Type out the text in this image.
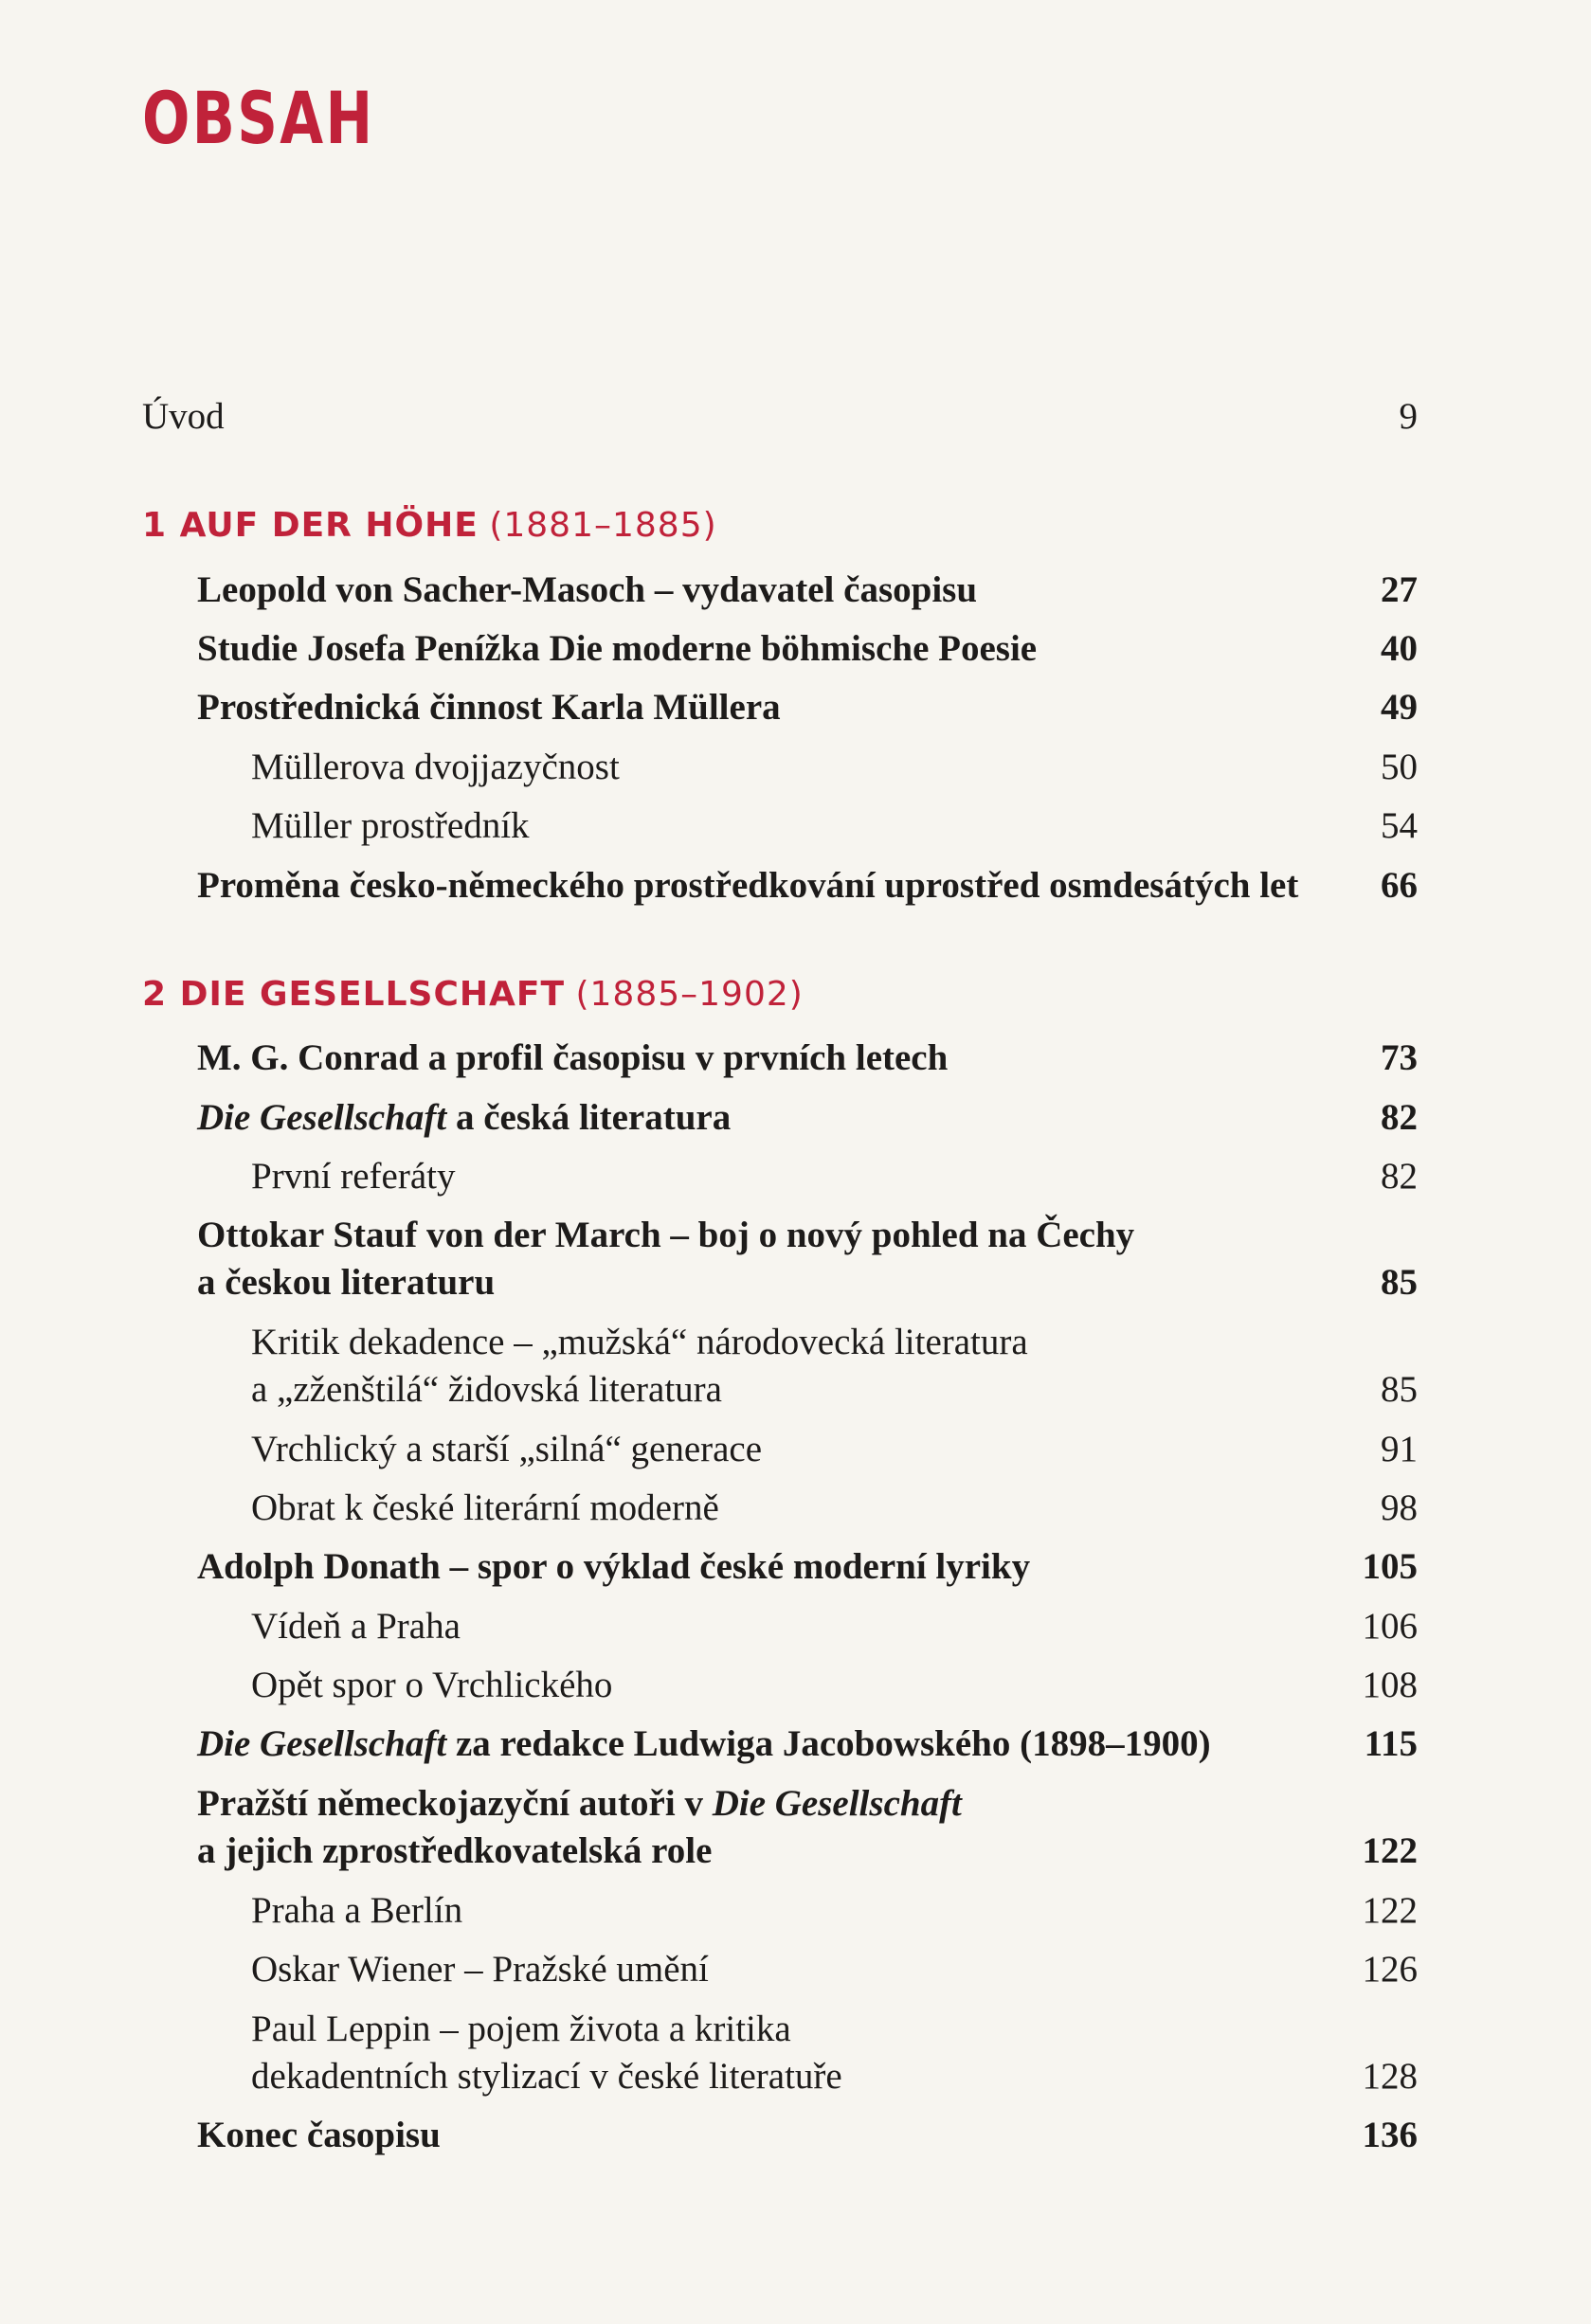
OBSAH
Úvod	9
1 AUF DER HÖHE (1881–1885)
Leopold von Sacher-Masoch – vydavatel časopisu	27
Studie Josefa Penížka Die moderne böhmische Poesie	40
Prostřednická činnost Karla Müllera	49
Müllerova dvojjazyčnost	50
Müller prostředník	54
Proměna česko-německého prostředkování uprostřed osmdesátých let	66
2 DIE GESELLSCHAFT (1885–1902)
M. G. Conrad a profil časopisu v prvních letech	73
Die Gesellschaft a česká literatura	82
První referáty	82
Ottokar Stauf von der March – boj o nový pohled na Čechy
a českou literaturu	85
Kritik dekadence – „mužská“ národovecká literatura
a „zženštilá“ židovská literatura	85
Vrchlický a starší „silná“ generace	91
Obrat k české literární moderně	98
Adolph Donath – spor o výklad české moderní lyriky	105
Vídeň a Praha	106
Opět spor o Vrchlického	108
Die Gesellschaft za redakce Ludwiga Jacobowského (1898–1900)	115
Pražští německojazyční autoři v Die Gesellschaft
a jejich zprostředkovatelská role	122
Praha a Berlín	122
Oskar Wiener – Pražské umění	126
Paul Leppin – pojem života a kritika
dekadentních stylizací v české literatuře	128
Konec časopisu	136
